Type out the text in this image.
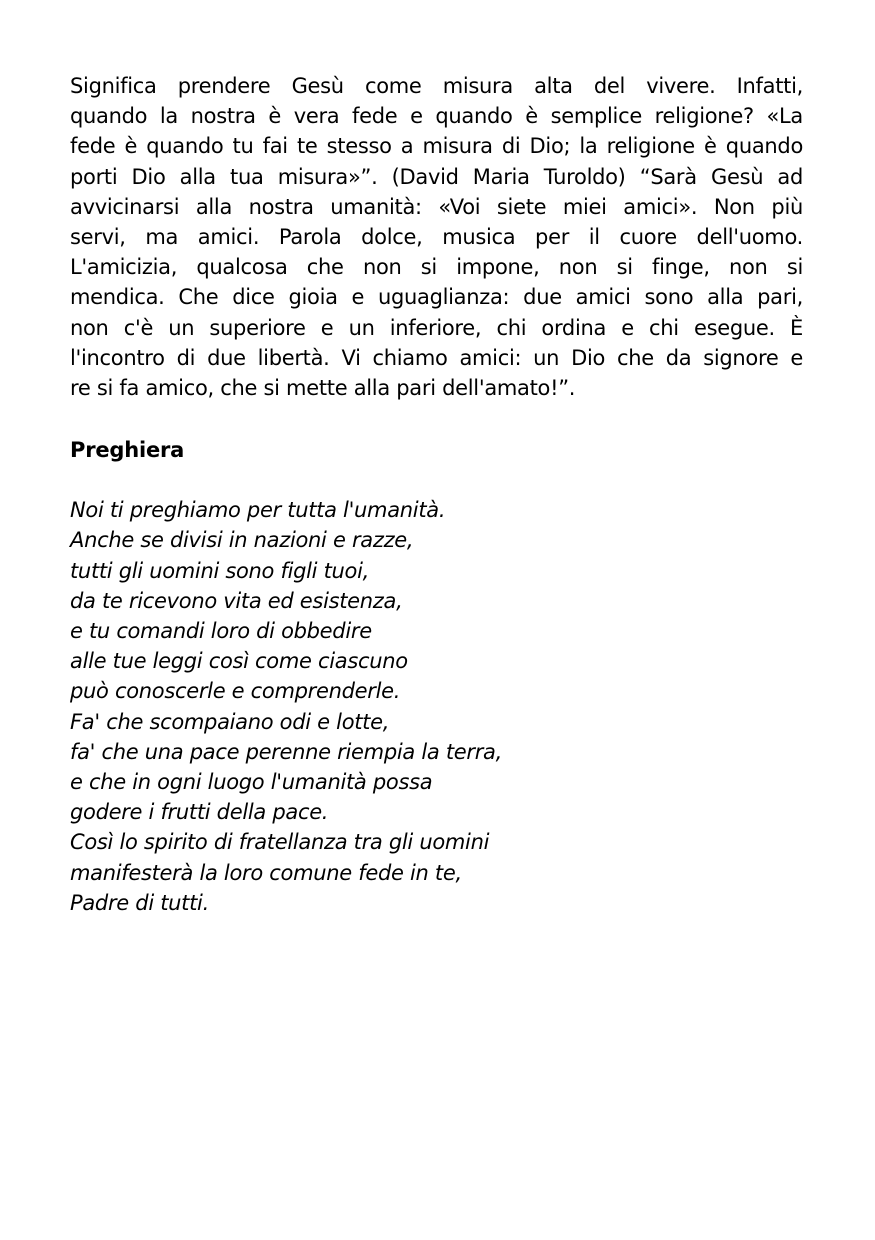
Significa prendere Gesù come misura alta del vivere. Infatti,
quando la nostra è vera fede e quando è semplice religione? «La
fede è quando tu fai te stesso a misura di Dio; la religione è quando
porti Dio alla tua misura»”. (David Maria Turoldo) “Sarà Gesù ad
avvicinarsi alla nostra umanità: «Voi siete miei amici». Non più
servi, ma amici. Parola dolce, musica per il cuore dell'uomo.
L'amicizia, qualcosa che non si impone, non si finge, non si
mendica. Che dice gioia e uguaglianza: due amici sono alla pari,
non c'è un superiore e un inferiore, chi ordina e chi esegue. È
l'incontro di due libertà. Vi chiamo amici: un Dio che da signore e
re si fa amico, che si mette alla pari dell'amato!”.
Preghiera
Noi ti preghiamo per tutta l'umanità.
Anche se divisi in nazioni e razze,
tutti gli uomini sono figli tuoi,
da te ricevono vita ed esistenza,
e tu comandi loro di obbedire
alle tue leggi così come ciascuno
può conoscerle e comprenderle.
Fa' che scompaiano odi e lotte,
fa' che una pace perenne riempia la terra,
e che in ogni luogo l'umanità possa
godere i frutti della pace.
Così lo spirito di fratellanza tra gli uomini
manifesterà la loro comune fede in te,
Padre di tutti.
